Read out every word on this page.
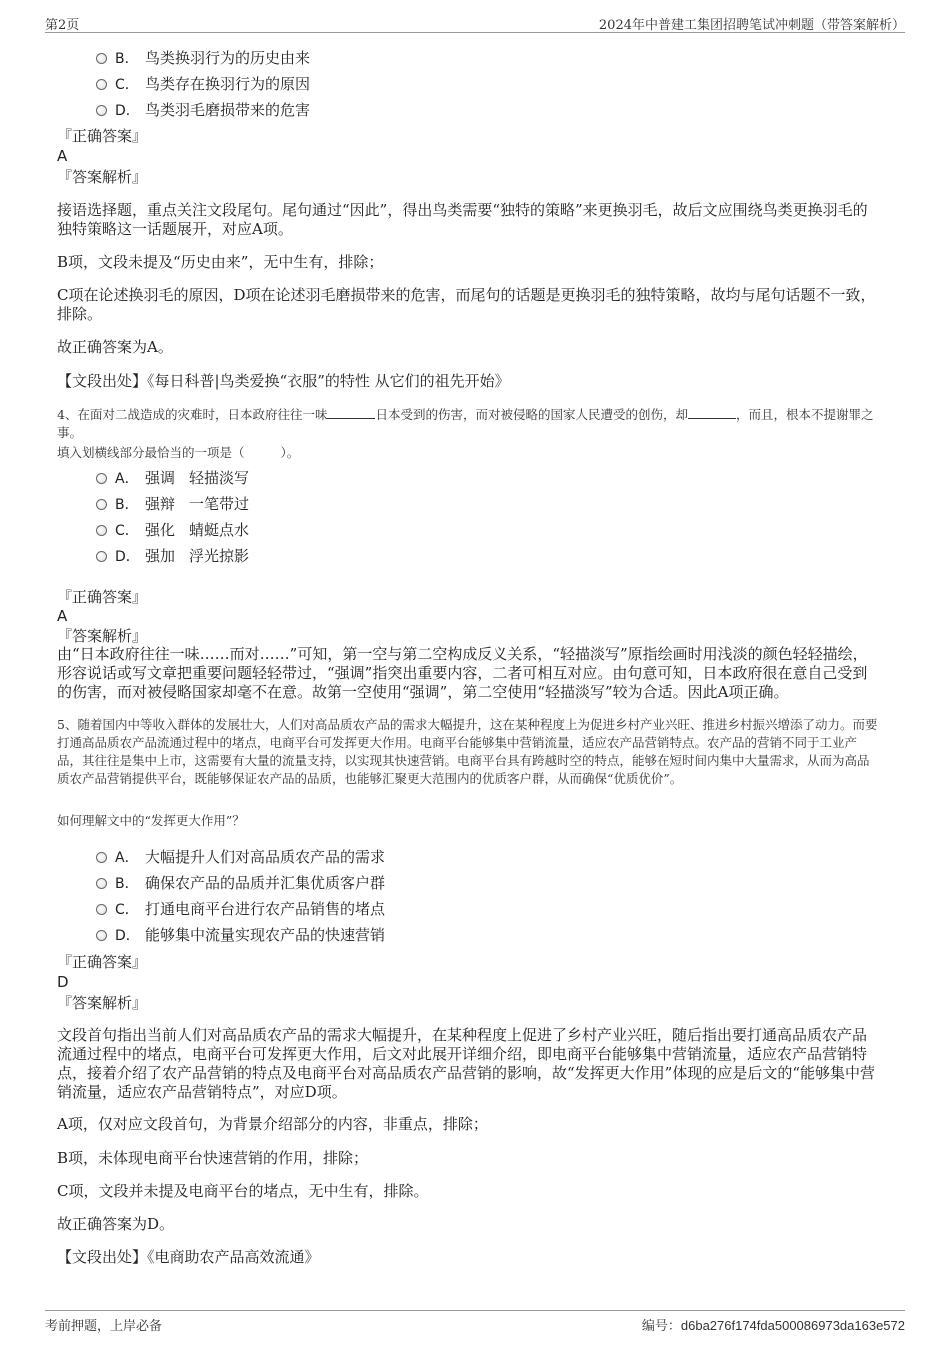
第2页	2024年中普建工集团招聘笔试冲刺题（带答案解析）
B． 鸟类换羽行为的历史由来
C． 鸟类存在换羽行为的原因
D． 鸟类羽毛磨损带来的危害
『正确答案』
A
『答案解析』
接语选择题，重点关注文段尾句。尾句通过“因此”，得出鸟类需要“独特的策略”来更换羽毛，故后文应围绕鸟类更换羽毛的独特策略这一话题展开，对应A项。
B项，文段未提及“历史由来”，无中生有，排除；
C项在论述换羽毛的原因，D项在论述羽毛磨损带来的危害，而尾句的话题是更换羽毛的独特策略，故均与尾句话题不一致，排除。
故正确答案为A。
【文段出处】《每日科普|鸟类爱换“衣服”的特性 从它们的祖先开始》
4、在面对二战造成的灾难时，日本政府往往一味	日本受到的伤害，而对被侵略的国家人民遭受的创伤，却	，而且，根本不提谢罪之事。
填入划横线部分最恰当的一项是（	）。
A． 强调 轻描淡写
B． 强辩 一笔带过
C． 强化 蜻蜓点水
D． 强加 浮光掠影
『正确答案』
A
『答案解析』
由“日本政府往往一味……而对……”可知，第一空与第二空构成反义关系，“轻描淡写”原指绘画时用浅淡的颜色轻轻描绘，形容说话或写文章把重要问题轻轻带过，“强调”指突出重要内容，二者可相互对应。由句意可知，日本政府很在意自己受到的伤害，而对被侵略国家却毫不在意。故第一空使用“强调”，第二空使用“轻描淡写”较为合适。因此A项正确。
5、随着国内中等收入群体的发展壮大，人们对高品质农产品的需求大幅提升，这在某种程度上为促进乡村产业兴旺、推进乡村振兴增添了动力。而要打通高品质农产品流通过程中的堵点，电商平台可发挥更大作用。电商平台能够集中营销流量，适应农产品营销特点。农产品的营销不同于工业产品，其往往是集中上市，这需要有大量的流量支持，以实现其快速营销。电商平台具有跨越时空的特点，能够在短时间内集中大量需求，从而为高品质农产品营销提供平台，既能够保证农产品的品质，也能够汇聚更大范围内的优质客户群，从而确保“优质优价”。
如何理解文中的“发挥更大作用”？
A． 大幅提升人们对高品质农产品的需求
B． 确保农产品的品质并汇集优质客户群
C． 打通电商平台进行农产品销售的堵点
D． 能够集中流量实现农产品的快速营销
『正确答案』
D
『答案解析』
文段首句指出当前人们对高品质农产品的需求大幅提升，在某种程度上促进了乡村产业兴旺，随后指出要打通高品质农产品流通过程中的堵点，电商平台可发挥更大作用，后文对此展开详细介绍，即电商平台能够集中营销流量，适应农产品营销特点，接着介绍了农产品营销的特点及电商平台对高品质农产品营销的影响，故“发挥更大作用”体现的应是后文的“能够集中营销流量，适应农产品营销特点”，对应D项。
A项，仅对应文段首句，为背景介绍部分的内容，非重点，排除；
B项，未体现电商平台快速营销的作用，排除；
C项，文段并未提及电商平台的堵点，无中生有，排除。
故正确答案为D。
【文段出处】《电商助农产品高效流通》
考前押题，上岸必备	编号：d6ba276f174fda500086973da163e572
